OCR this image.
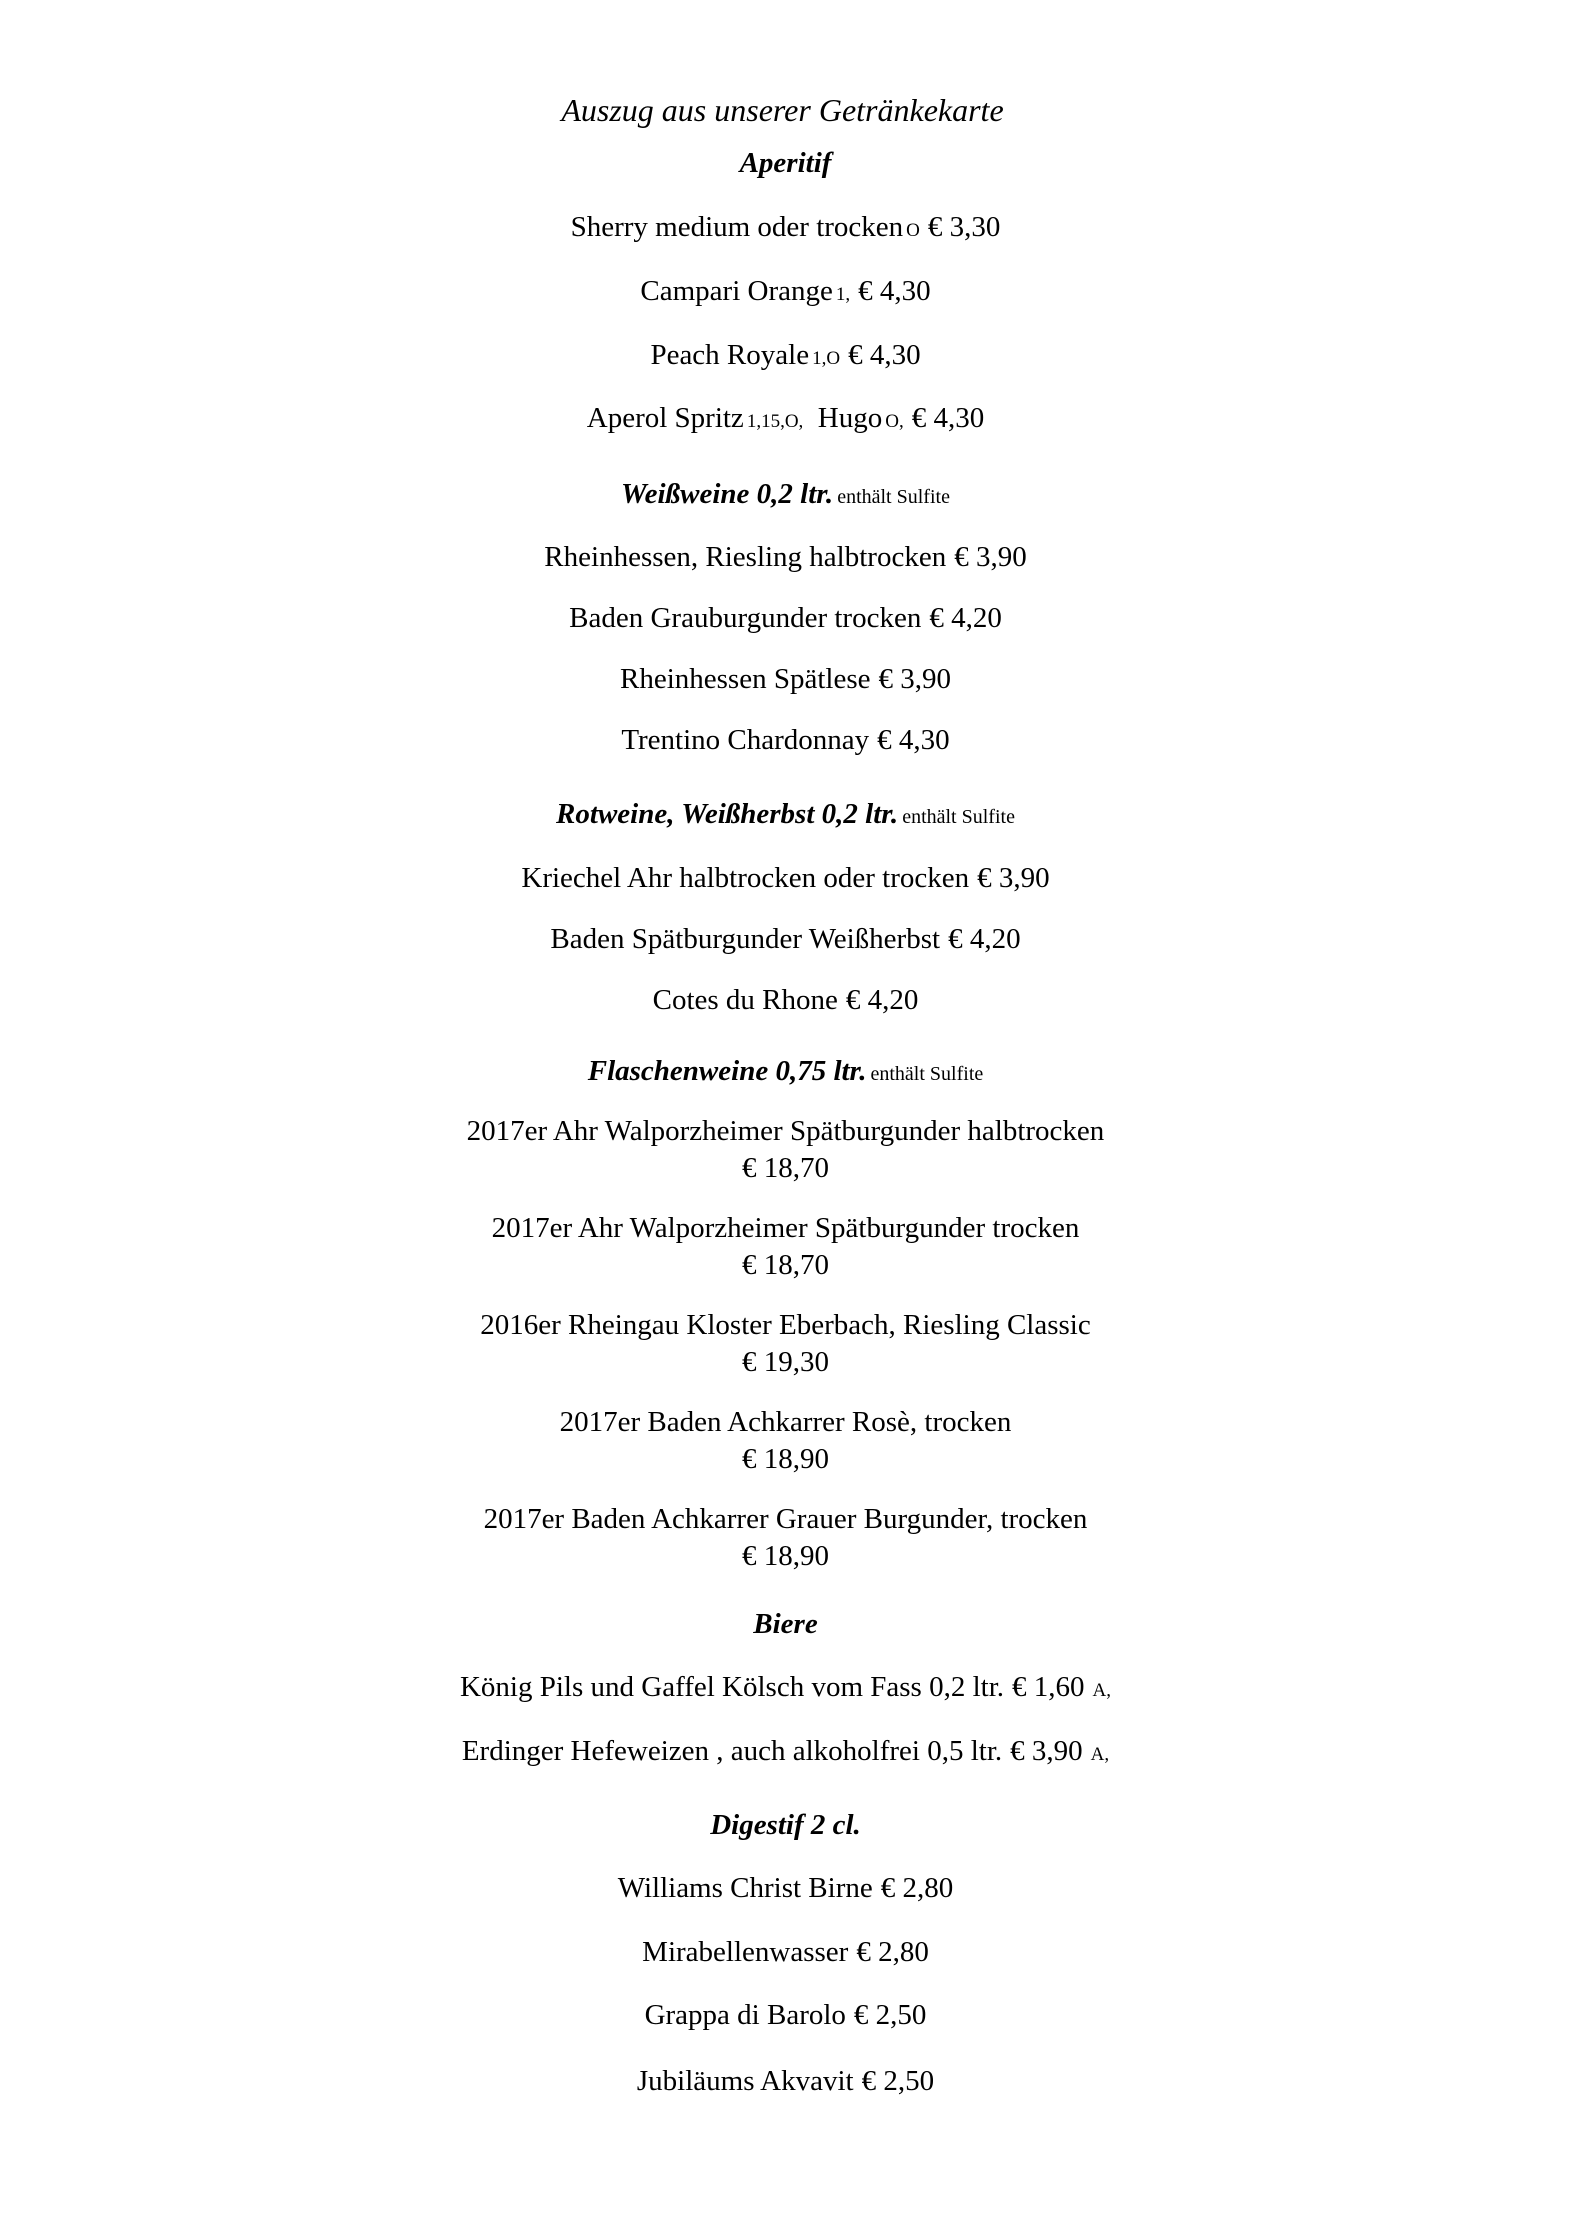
Auszug aus unserer Getränkekarte
Aperitif
Sherry medium oder trocken O € 3,30
Campari Orange 1, € 4,30
Peach Royale 1,O € 4,30
Aperol Spritz 1,15,O, Hugo O, € 4,30
Weißweine 0,2 ltr. enthält Sulfite
Rheinhessen, Riesling halbtrocken € 3,90
Baden Grauburgunder trocken € 4,20
Rheinhessen Spätlese € 3,90
Trentino Chardonnay € 4,30
Rotweine, Weißherbst 0,2 ltr. enthält Sulfite
Kriechel Ahr halbtrocken oder trocken € 3,90
Baden Spätburgunder Weißherbst € 4,20
Cotes du Rhone € 4,20
Flaschenweine 0,75 ltr. enthält Sulfite
2017er Ahr Walporzheimer Spätburgunder halbtrocken
€ 18,70
2017er Ahr Walporzheimer Spätburgunder trocken
€ 18,70
2016er Rheingau Kloster Eberbach, Riesling Classic
€ 19,30
2017er Baden Achkarrer Rosè, trocken
€ 18,90
2017er Baden Achkarrer Grauer Burgunder, trocken
€ 18,90
Biere
König Pils und Gaffel Kölsch vom Fass 0,2 ltr. € 1,60 A,
Erdinger Hefeweizen , auch alkoholfrei 0,5 ltr. € 3,90 A,
Digestif 2 cl.
Williams Christ Birne € 2,80
Mirabellenwasser € 2,80
Grappa di Barolo € 2,50
Jubiläums Akvavit € 2,50
